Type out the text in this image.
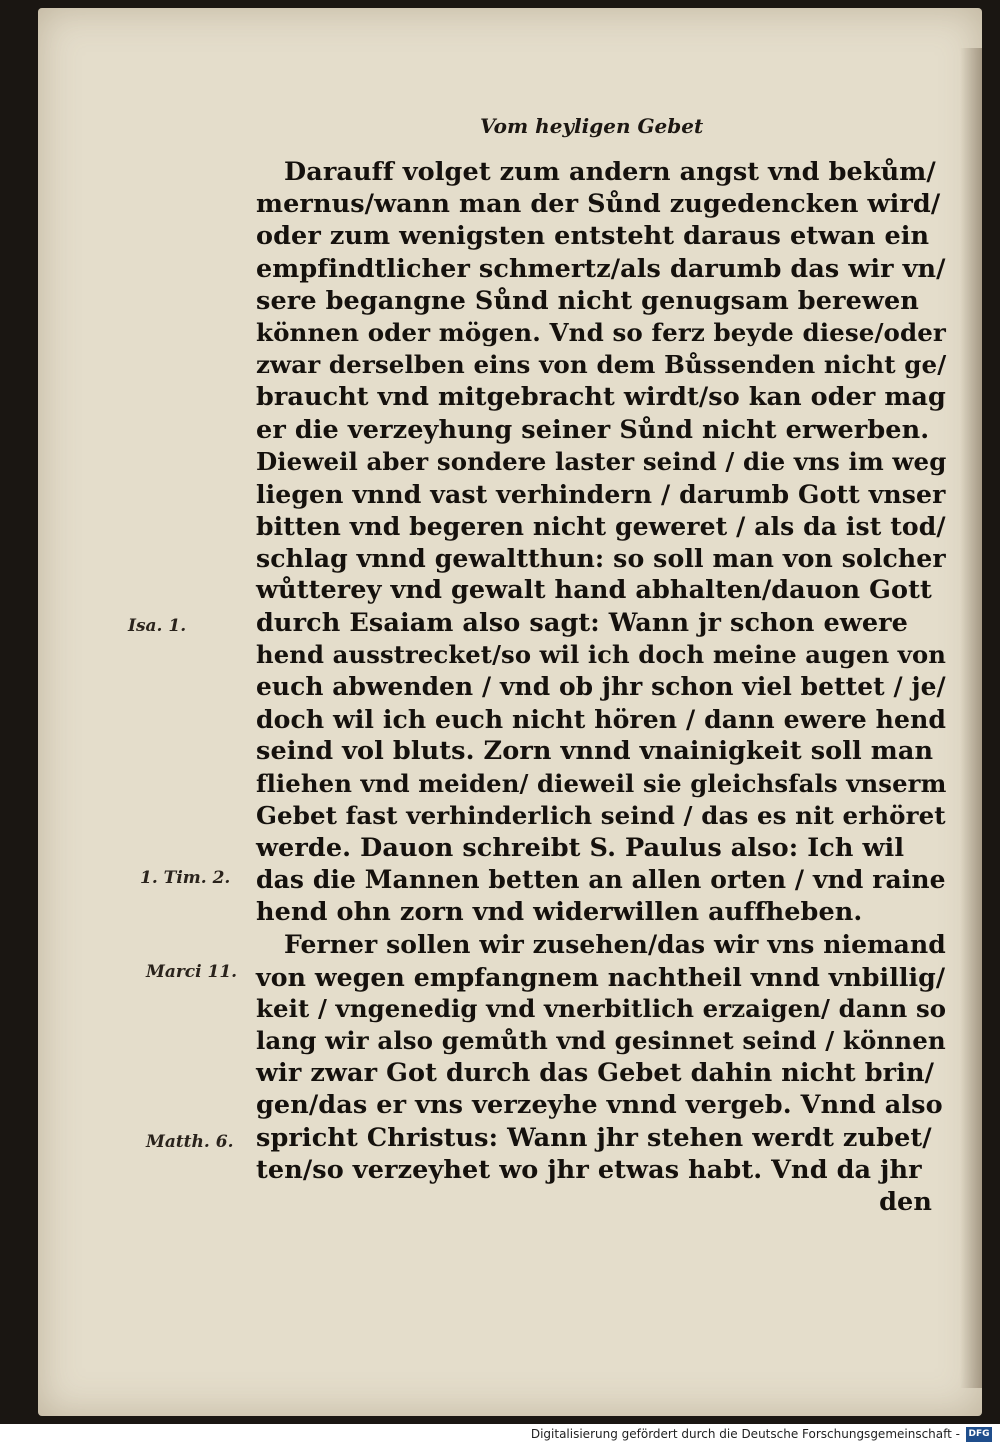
Vom heyligen Gebet
Isa. 1.
1. Tim. 2.
Marci 11.
Matth. 6.
Darauff volget zum andern angst vnd bekům/
mernus/wann man der Sůnd zugedencken wird/
oder zum wenigsten entsteht daraus etwan ein
empfindtlicher schmertz/als darumb das wir vn/
sere begangne Sůnd nicht genugsam berewen
können oder mögen. Vnd so ferz beyde diese/oder
zwar derselben eins von dem Bůssenden nicht ge/
braucht vnd mitgebracht wirdt/so kan oder mag
er die verzeyhung seiner Sůnd nicht erwerben.
Dieweil aber sondere laster seind / die vns im weg
liegen vnnd vast verhindern / darumb Gott vnser
bitten vnd begeren nicht geweret / als da ist tod/
schlag vnnd gewaltthun: so soll man von solcher
wůtterey vnd gewalt hand abhalten/dauon Gott
durch Esaiam also sagt: Wann jr schon ewere
hend ausstrecket/so wil ich doch meine augen von
euch abwenden / vnd ob jhr schon viel bettet / je/
doch wil ich euch nicht hören / dann ewere hend
seind vol bluts. Zorn vnnd vnainigkeit soll man
fliehen vnd meiden/ dieweil sie gleichsfals vnserm
Gebet fast verhinderlich seind / das es nit erhöret
werde. Dauon schreibt S. Paulus also: Ich wil
das die Mannen betten an allen orten / vnd raine
hend ohn zorn vnd widerwillen auffheben.
Ferner sollen wir zusehen/das wir vns niemand
von wegen empfangnem nachtheil vnnd vnbillig/
keit / vngenedig vnd vnerbitlich erzaigen/ dann so
lang wir also gemůth vnd gesinnet seind / können
wir zwar Got durch das Gebet dahin nicht brin/
gen/das er vns verzeyhe vnnd vergeb. Vnnd also
spricht Christus: Wann jhr stehen werdt zubet/
ten/so verzeyhet wo jhr etwas habt. Vnd da jhr
den
Digitalisierung gefördert durch die Deutsche Forschungsgemeinschaft - DFG
